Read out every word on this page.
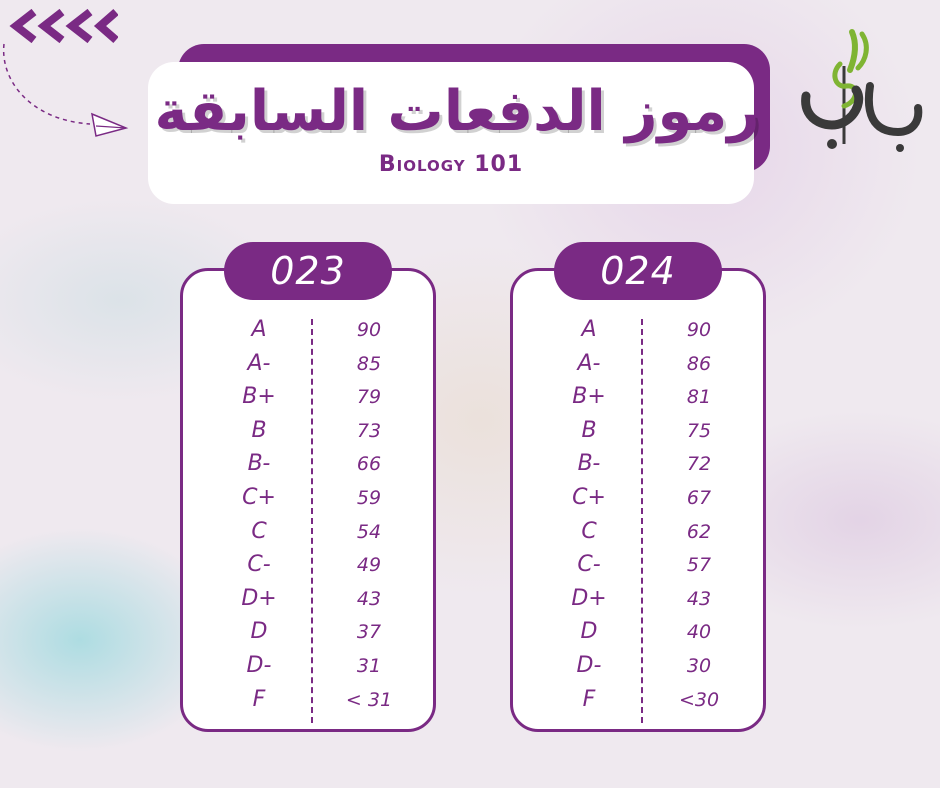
رموز الدفعات السابقة
Biology 101
A	90
A-	85
B+	79
B	73
B-	66
C+	59
C	54
C-	49
D+	43
D	37
D-	31
F	< 31
023
A	90
A-	86
B+	81
B	75
B-	72
C+	67
C	62
C-	57
D+	43
D	40
D-	30
F	<30
024
